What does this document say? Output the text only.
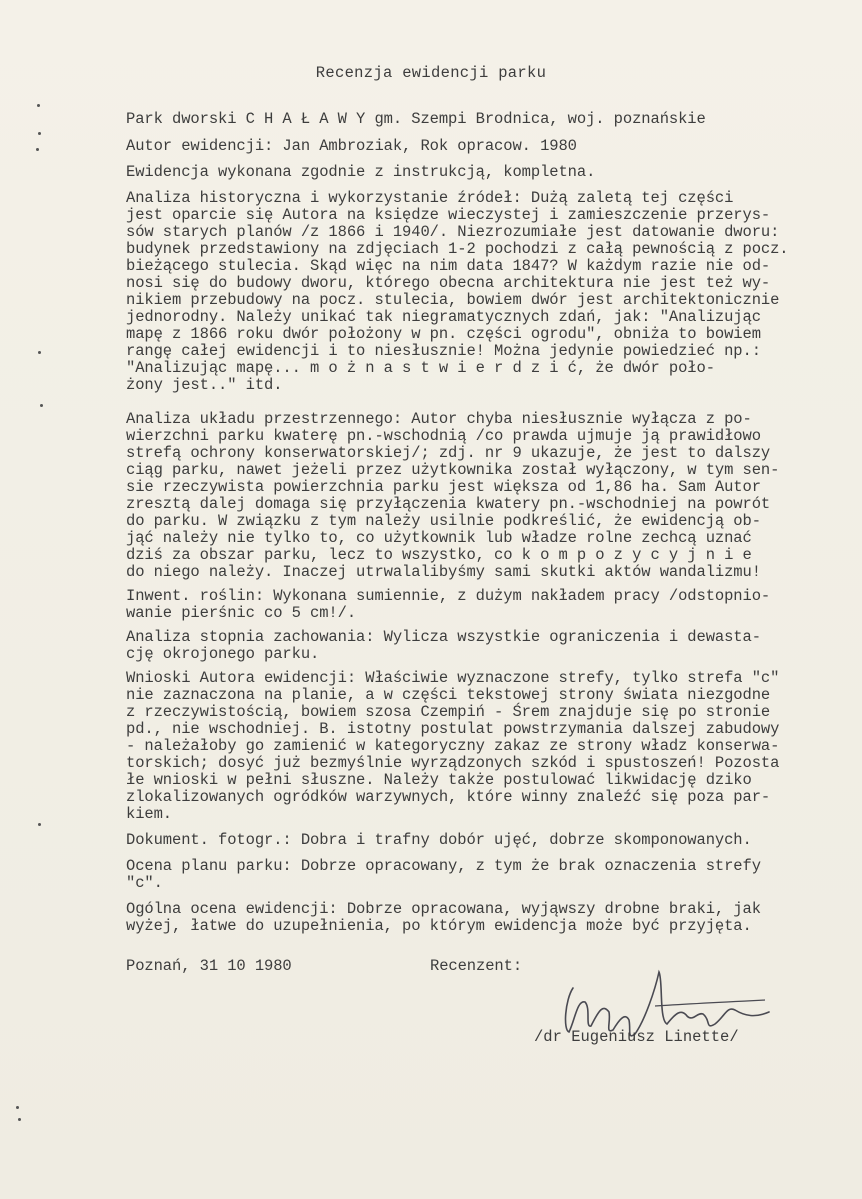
Recenzja ewidencji parku
Park dworski C H A Ł A W Y gm. Szempi Brodnica, woj. poznańskie
Autor ewidencji: Jan Ambroziak, Rok opracow. 1980
Ewidencja wykonana zgodnie z instrukcją, kompletna.
Analiza historyczna i wykorzystanie źródeł: Dużą zaletą tej części
jest oparcie się Autora na księdze wieczystej i zamieszczenie przerys-
sów starych planów /z 1866 i 1940/. Niezrozumiałe jest datowanie dworu:
budynek przedstawiony na zdjęciach 1-2 pochodzi z całą pewnością z pocz.
bieżącego stulecia. Skąd więc na nim data 1847? W każdym razie nie od-
nosi się do budowy dworu, którego obecna architektura nie jest też wy-
nikiem przebudowy na pocz. stulecia, bowiem dwór jest architektonicznie
jednorodny. Należy unikać tak niegramatycznych zdań, jak: "Analizując
mapę z 1866 roku dwór położony w pn. części ogrodu", obniża to bowiem
rangę całej ewidencji i to niesłusznie! Można jedynie powiedzieć np.:
"Analizując mapę... m o ż n a s t w i e r d z i ć, że dwór poło-
żony jest.." itd.
Analiza układu przestrzennego: Autor chyba niesłusznie wyłącza z po-
wierzchni parku kwaterę pn.-wschodnią /co prawda ujmuje ją prawidłowo
strefą ochrony konserwatorskiej/; zdj. nr 9 ukazuje, że jest to dalszy
ciąg parku, nawet jeżeli przez użytkownika został wyłączony, w tym sen-
sie rzeczywista powierzchnia parku jest większa od 1,86 ha. Sam Autor
zresztą dalej domaga się przyłączenia kwatery pn.-wschodniej na powrót
do parku. W związku z tym należy usilnie podkreślić, że ewidencją ob-
jąć należy nie tylko to, co użytkownik lub władze rolne zechcą uznać
dziś za obszar parku, lecz to wszystko, co k o m p o z y c y j n i e
do niego należy. Inaczej utrwalalibyśmy sami skutki aktów wandalizmu!
Inwent. roślin: Wykonana sumiennie, z dużym nakładem pracy /odstopnio-
wanie pierśnic co 5 cm!/.
Analiza stopnia zachowania: Wylicza wszystkie ograniczenia i dewasta-
cję okrojonego parku.
Wnioski Autora ewidencji: Właściwie wyznaczone strefy, tylko strefa "c"
nie zaznaczona na planie, a w części tekstowej strony świata niezgodne
z rzeczywistością, bowiem szosa Czempiń - Śrem znajduje się po stronie
pd., nie wschodniej. B. istotny postulat powstrzymania dalszej zabudowy
- należałoby go zamienić w kategoryczny zakaz ze strony władz konserwa-
torskich; dosyć już bezmyślnie wyrządzonych szkód i spustoszeń! Pozosta
łe wnioski w pełni słuszne. Należy także postulować likwidację dziko
zlokalizowanych ogródków warzywnych, które winny znaleźć się poza par-
kiem.
Dokument. fotogr.: Dobra i trafny dobór ujęć, dobrze skomponowanych.
Ocena planu parku: Dobrze opracowany, z tym że brak oznaczenia strefy
"c".
Ogólna ocena ewidencji: Dobrze opracowana, wyjąwszy drobne braki, jak
wyżej, łatwe do uzupełnienia, po którym ewidencja może być przyjęta.
Poznań, 31 10 1980	Recenzent:
/dr Eugeniusz Linette/
